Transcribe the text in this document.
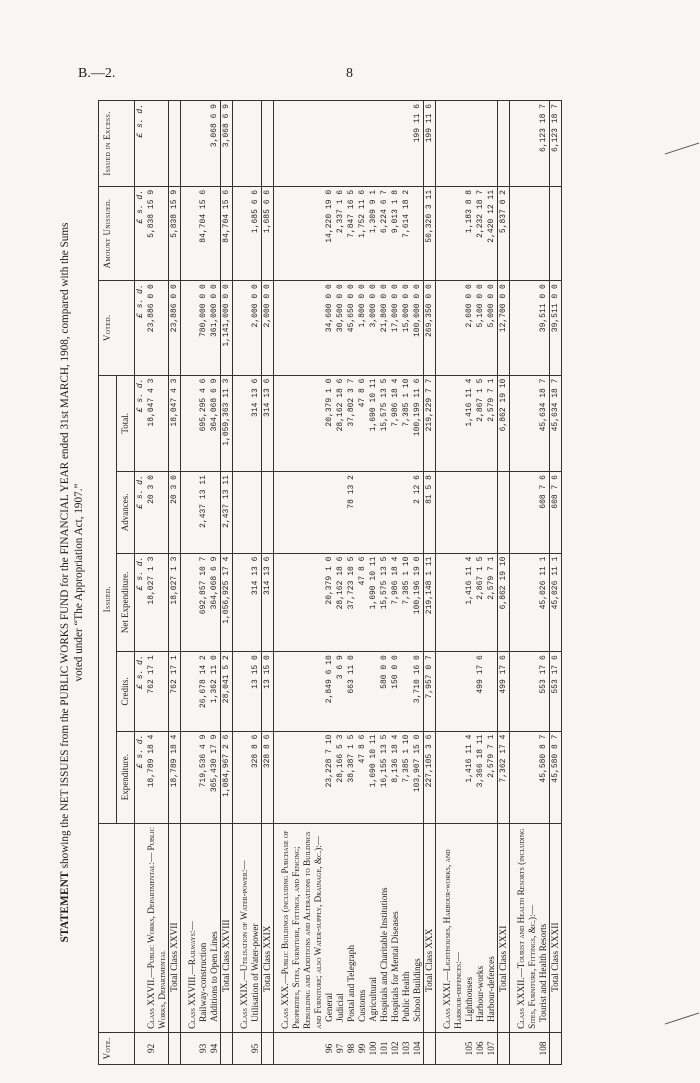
B.—2.	8
STATEMENT showing the NET ISSUES from the PUBLIC WORKS FUND for the FINANCIAL YEAR ended 31st MARCH, 1908, compared with the Sums voted under “The Appropriation Act, 1907.”
Vote.		Issued.					Voted.	Amount Unissued.	Issued in Excess.
		Expenditure.	Credits.	Net Expenditure.	Advances.	Total.			
		£ s. d.	£ s. d.	£ s. d.	£ s. d.	£ s. d.	£ s. d.	£ s. d.	£ s. d.
92	Class XXVII.—Public Works, Departmental:— Public Works, Departmental	18,789 18 4	762 17 1	18,027 1 3	20 3 0	18,047 4 3	23,886 0 0	5,838 15 9	
	Total Class XXVII	18,789 18 4	762 17 1	18,027 1 3	20 3 0	18,047 4 3	23,886 0 0	5,838 15 9	

	Class XXVIII.—Railways:—								
93	Railway-construction	719,536 4 9	26,678 14 2	692,857 10 7	2,437 13 11	695,295 4 6	780,000 0 0	84,704 15 6	
94	Additions to Open Lines	365,430 17 9	1,362 11 0	364,068 6 9		364,068 6 9	361,000 0 0		3,068 6 9
	Total Class XXVIII	1,084,967 2 6	28,041 5 2	1,056,925 17 4	2,437 13 11	1,059,363 11 3	1,141,000 0 0	84,704 15 6	3,068 6 9

	Class XXIX.—Utilisation of Water-power:—								
95	Utilisation of Water-power	328 8 6	13 15 0	314 13 6		314 13 6	2,000 0 0	1,685 6 6	
	Total Class XXIX	328 8 6	13 15 0	314 13 6		314 13 6	2,000 0 0	1,685 6 6	

	Class XXX.—Public Buildings (including Purchase of Properties, Sites, Furniture, Fittings, and Fencing; Rebuilding and Additions and Alterations to Buildings and Furniture; also Water-supply, Drainage, &c.):—								
96	General	23,228 7 10	2,849 6 10	20,379 1 0		20,379 1 0	34,600 0 0	14,220 19 0	
97	Judicial	28,166 5 3	3 6 9	28,162 18 6		28,162 18 6	30,500 0 0	2,337 1 6	
98	Postal and Telegraph	38,387 1 5	663 11 0	37,723 10 5	78 13 2	37,802 3 7	45,650 0 0	7,847 16 5	
99	Customs	47 8 6		47 8 6		47 8 6	1,800 0 0	1,752 11 6	
100	Agricultural	1,690 10 11		1,690 10 11		1,690 10 11	3,000 0 0	1,309 9 1	
101	Hospitals and Charitable Institutions	16,155 13 5	580 0 0	15,575 13 5		15,575 13 5	21,800 0 0	6,224 6 7	
102	Hospitals for Mental Diseases	8,136 18 4	150 0 0	7,986 18 4		7,986 18 4	17,000 0 0	9,013 1 8	
103	Public Health	7,385 1 10		7,385 1 10		7,385 1 10	15,000 0 0	7,614 18 2	
104	School Buildings	103,907 15 0	3,710 16 0	100,196 19 0	2 12 6	100,199 11 6	100,000 0 0		199 11 6
	Total Class XXX	227,105 3 6	7,957 0 7	219,148 1 11	81 5 8	219,229 7 7	269,350 0 0	50,320 3 11	199 11 6

	Class XXXI.—Lighthouses, Harbour-works, and Harbour-defences:—								
105	Lighthouses	1,416 11 4		1,416 11 4		1,416 11 4	2,600 0 0	1,183 8 8	
106	Harbour-works	3,366 18 11	499 17 6	2,867 1 5		2,867 1 5	5,100 0 0	2,232 18 7	
107	Harbour-defences	2,579 7 1		2,579 7 1		2,579 7 1	5,000 0 0	2,420 12 11	
	Total Class XXXI	7,362 17 4	499 17 6	6,862 19 10		6,862 19 10	12,700 0 0	5,837 0 2	

	Class XXXII.—Tourist and Health Resorts (including Sites, Furniture, Fittings, &c.):—								
108	Tourist and Health Resorts	45,580 8 7	553 17 6	45,026 11 1	608 7 6	45,634 18 7	39,511 0 0		6,123 18 7
	Total Class XXXII	45,580 8 7	553 17 6	45,026 11 1	608 7 6	45,634 18 7	39,511 0 0		6,123 18 7
